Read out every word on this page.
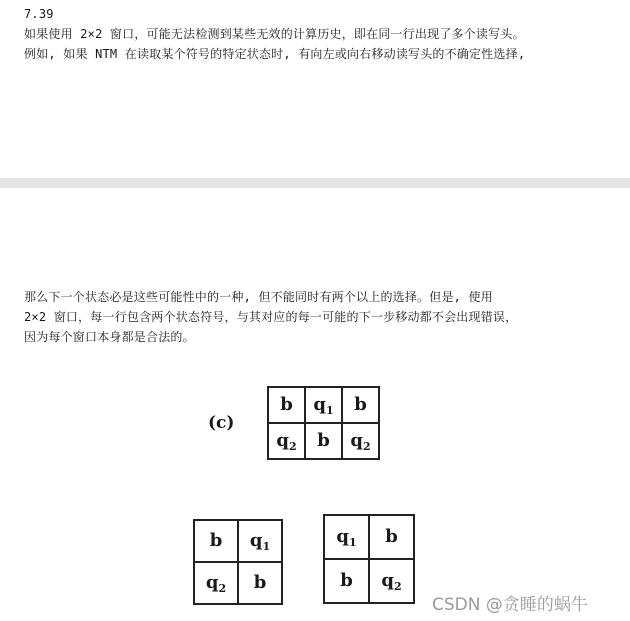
7.39
如果使用 2×2 窗口，可能无法检测到某些无效的计算历史，即在同一行出现了多个读写头。
例如, 如果 NTM 在读取某个符号的特定状态时, 有向左或向右移动读写头的不确定性选择,
那么下一个状态必是这些可能性中的一种, 但不能同时有两个以上的选择。但是, 使用
2×2 窗口，每一行包含两个状态符号，与其对应的每一可能的下一步移动都不会出现错误，
因为每个窗口本身都是合法的。
(c)
b	$q_1$	b
$q_2$	b	$q_2$
b	$q_1$
$q_2$	b
$q_1$	b
b	$q_2$
CSDN @贪睡的蜗牛
